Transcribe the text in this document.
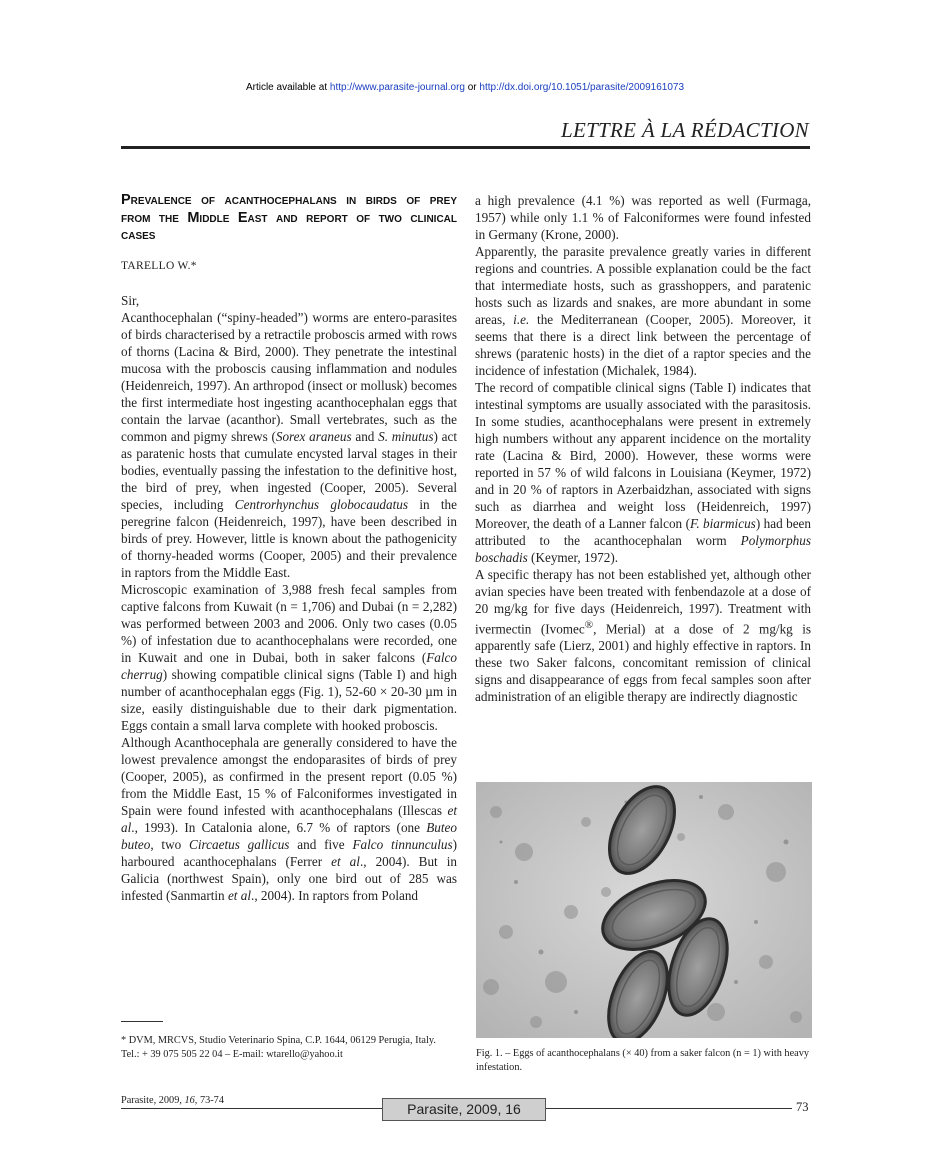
Article available at http://www.parasite-journal.org or http://dx.doi.org/10.1051/parasite/2009161073
LETTRE À LA RÉDACTION
Prevalence of acanthocephalans in birds of prey from the Middle East and report of two clinical cases
TARELLO W.*

Sir,

Acanthocephalan (“spiny-headed”) worms are entero-parasites of birds characterised by a retractile proboscis armed with rows of thorns (Lacina & Bird, 2000). They penetrate the intestinal mucosa with the proboscis causing inflammation and nodules (Heidenreich, 1997). An arthropod (insect or mollusk) becomes the first intermediate host ingesting acanthocephalan eggs that contain the larvae (acanthor). Small vertebrates, such as the common and pigmy shrews (Sorex araneus and S. minutus) act as paratenic hosts that cumulate encysted larval stages in their bodies, eventually passing the infestation to the definitive host, the bird of prey, when ingested (Cooper, 2005). Several species, including Centrorhynchus globocaudatus in the peregrine falcon (Heidenreich, 1997), have been described in birds of prey. However, little is known about the pathogenicity of thorny-headed worms (Cooper, 2005) and their prevalence in raptors from the Middle East.

Microscopic examination of 3,988 fresh fecal samples from captive falcons from Kuwait (n = 1,706) and Dubai (n = 2,282) was performed between 2003 and 2006. Only two cases (0.05 %) of infestation due to acanthocephalans were recorded, one in Kuwait and one in Dubai, both in saker falcons (Falco cherrug) showing compatible clinical signs (Table I) and high number of acanthocephalan eggs (Fig. 1), 52-60 × 20-30 µm in size, easily distinguishable due to their dark pigmentation. Eggs contain a small larva complete with hooked proboscis.

Although Acanthocephala are generally considered to have the lowest prevalence amongst the endoparasites of birds of prey (Cooper, 2005), as confirmed in the present report (0.05 %) from the Middle East, 15 % of Falconiformes investigated in Spain were found infested with acanthocephalans (Illescas et al., 1993). In Catalonia alone, 6.7 % of raptors (one Buteo buteo, two Circaetus gallicus and five Falco tinnunculus) harboured acanthocephalans (Ferrer et al., 2004). But in Galicia (northwest Spain), only one bird out of 285 was infested (Sanmartin et al., 2004). In raptors from Poland

a high prevalence (4.1 %) was reported as well (Furmaga, 1957) while only 1.1 % of Falconiformes were found infested in Germany (Krone, 2000).

Apparently, the parasite prevalence greatly varies in different regions and countries. A possible explanation could be the fact that intermediate hosts, such as grasshoppers, and paratenic hosts such as lizards and snakes, are more abundant in some areas, i.e. the Mediterranean (Cooper, 2005). Moreover, it seems that there is a direct link between the percentage of shrews (paratenic hosts) in the diet of a raptor species and the incidence of infestation (Michalek, 1984).

The record of compatible clinical signs (Table I) indicates that intestinal symptoms are usually associated with the parasitosis. In some studies, acanthocephalans were present in extremely high numbers without any apparent incidence on the mortality rate (Lacina & Bird, 2000). However, these worms were reported in 57 % of wild falcons in Louisiana (Keymer, 1972) and in 20 % of raptors in Azerbaidzhan, associated with signs such as diarrhea and weight loss (Heidenreich, 1997) Moreover, the death of a Lanner falcon (F. biarmicus) had been attributed to the acanthocephalan worm Polymorphus boschadis (Keymer, 1972).

A specific therapy has not been established yet, although other avian species have been treated with fenbendazole at a dose of 20 mg/kg for five days (Heidenreich, 1997). Treatment with ivermectin (Ivomec®, Merial) at a dose of 2 mg/kg is apparently safe (Lierz, 2001) and highly effective in raptors. In these two Saker falcons, concomitant remission of clinical signs and disappearance of eggs from fecal samples soon after administration of an eligible therapy are indirectly diagnostic

Fig. 1. – Eggs of acanthocephalans (× 40) from a saker falcon (n = 1) with heavy infestation.

* DVM, MRCVS, Studio Veterinario Spina, C.P. 1644, 06129 Perugia, Italy.

Tel.: + 39 075 505 22 04 – E-mail: wtarello@yahoo.it

Parasite, 2009, 16, 73-74
Parasite, 2009, 16	73
